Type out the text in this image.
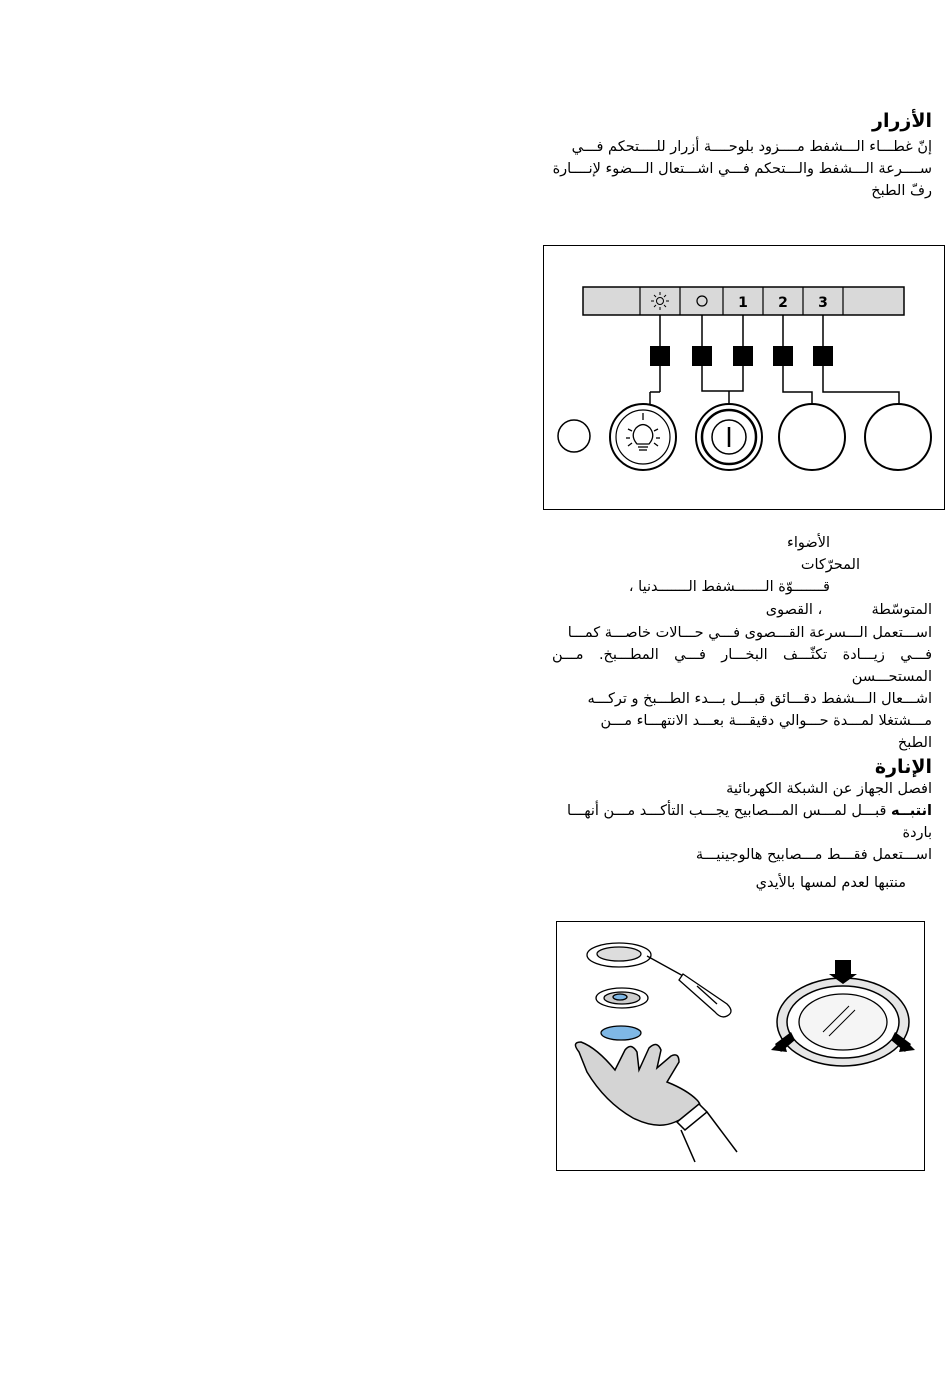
الأزرار
إنّ غطـــاء الـــشفط مــــزود بلوحــــة أزرار للــــتحكم فـــي
ســــرعة الـــشفط والـــتحكم فـــي اشـــتعال الـــضوء لإنــــارة
رفّ الطبخ
1 2 3
الأضواء
المحرّكات
قـــــــوّة الـــــــشفط الـــــــدنيا ،
المتوسّطة  ، القصوى
اســـتعمل الـــسرعة القـــصوى فـــي حـــالات خاصـــة كمـــا
فـــي زيـــادة تكثّـــف البخـــار فـــي المطـــبخ. مـــن المستحـــسن
اشـــعال الـــشفط دقـــائق قبـــل بـــدء الطـــبخ و تركـــه
مـــشتغلا لمـــدة حـــوالي دقيقـــة بعـــد الانتهـــاء مـــن
الطبخ
الإنارة
افصل الجهاز عن الشبكة الكهربائية
انتبــه قبـــل لمـــس المـــصابيح يجـــب التأكـــد مـــن أنهـــا
باردة
اســـتعمل فقـــط مـــصابيح هالوجينيـــة
منتبها لعدم لمسها بالأيدي
